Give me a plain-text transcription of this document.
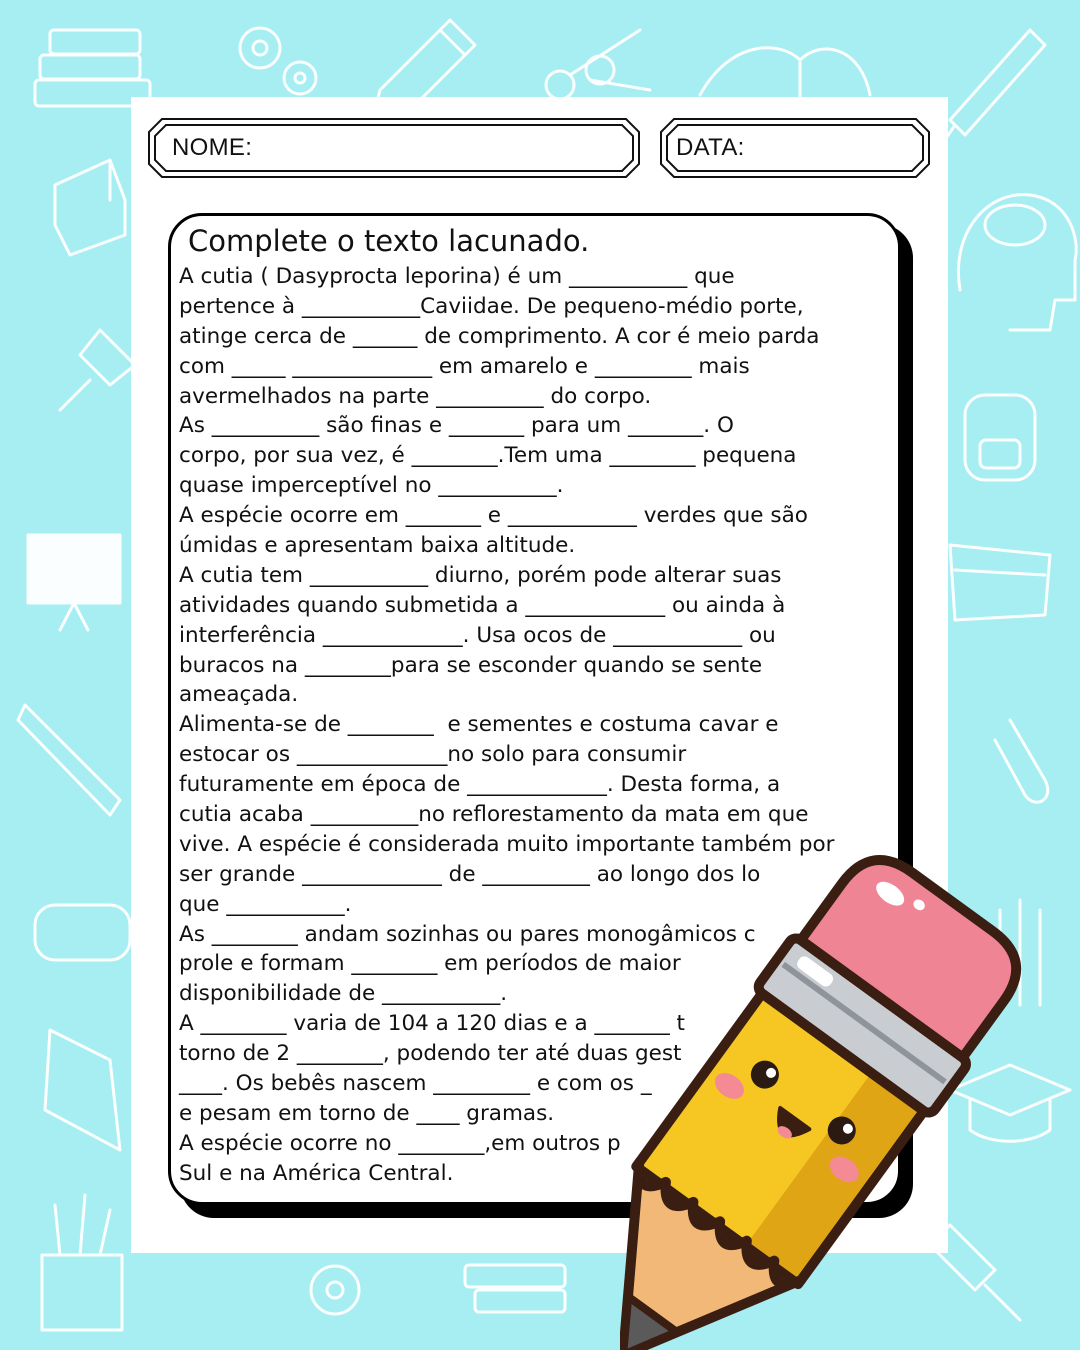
NOME:	DATA:
Complete o texto lacunado.
A cutia ( Dasyprocta leporina) é um ___________ que
pertence à ___________Caviidae. De pequeno-médio porte,
atinge cerca de ______ de comprimento. A cor é meio parda
com _____ _____________ em amarelo e _________ mais
avermelhados na parte __________ do corpo.
As __________ são finas e _______ para um _______. O
corpo, por sua vez, é ________.Tem uma ________ pequena
quase imperceptível no ___________.
A espécie ocorre em _______ e ____________ verdes que são
úmidas e apresentam baixa altitude.
A cutia tem ___________ diurno, porém pode alterar suas
atividades quando submetida a _____________ ou ainda à
interferência _____________. Usa ocos de ____________ ou
buracos na ________para se esconder quando se sente
ameaçada.
Alimenta-se de ________  e sementes e costuma cavar e
estocar os ______________no solo para consumir
futuramente em época de _____________. Desta forma, a
cutia acaba __________no reflorestamento da mata em que
vive. A espécie é considerada muito importante também por
ser grande _____________ de __________ ao longo dos lo
que ___________.
As ________ andam sozinhas ou pares monogâmicos c
prole e formam ________ em períodos de maior
disponibilidade de ___________.
A ________ varia de 104 a 120 dias e a _______ t
torno de 2 ________, podendo ter até duas gest
____. Os bebês nascem _________ e com os _
e pesam em torno de ____ gramas.
A espécie ocorre no ________,em outros p
Sul e na América Central.
